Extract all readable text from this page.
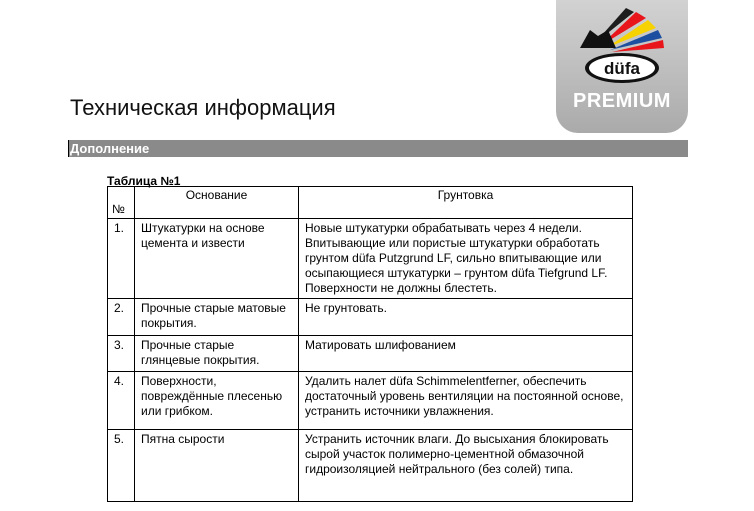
düfa
PREMIUM
Техническая информация
Дополнение
Таблица №1
№	Основание	Грунтовка
1.	Штукатурки на основе цемента и извести	Новые штукатурки обрабатывать через 4 недели. Впитывающие или пористые штукатурки обработать грунтом düfa Putzgrund LF, сильно впитывающие или осыпающиеся штукатурки – грунтом düfa Tiefgrund LF. Поверхности не должны блестеть.
2.	Прочные старые матовые покрытия.	Не грунтовать.
3.	Прочные старые глянцевые покрытия.	Матировать шлифованием
4.	Поверхности, повреждённые плесенью или грибком.	Удалить налет düfa Schimmelentferner, обеспечить достаточный уровень вентиляции на постоянной основе, устранить источники увлажнения.
5.	Пятна сырости	Устранить источник влаги. До высыхания блокировать сырой участок полимерно-цементной обмазочной гидроизоляцией нейтрального (без солей) типа.
